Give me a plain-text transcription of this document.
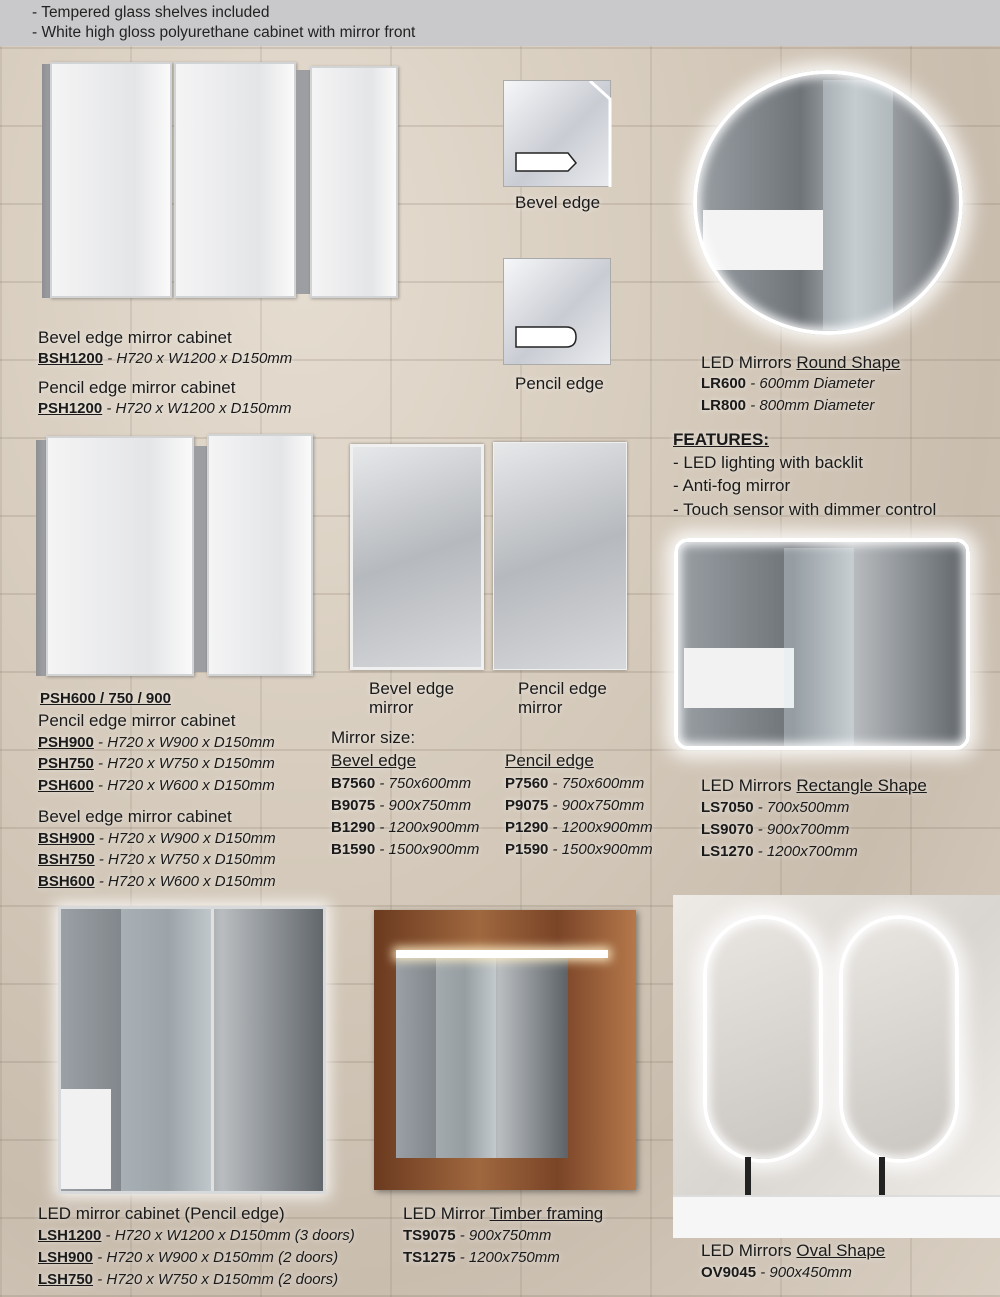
- Tempered glass shelves included
- White high gloss polyurethane cabinet with mirror front
Bevel edge mirror cabinet
BSH1200 - H720 x W1200 x D150mm
Pencil edge mirror cabinet
PSH1200 - H720 x W1200 x D150mm
Bevel edge
Pencil edge
LED Mirrors Round Shape
LR600 - 600mm Diameter
LR800 - 800mm Diameter
FEATURES:
- LED lighting with backlit
- Anti-fog mirror
- Touch sensor with dimmer control
PSH600 / 750 / 900
Pencil edge mirror cabinet
PSH900 - H720 x W900 x D150mm
PSH750 - H720 x W750 x D150mm
PSH600 - H720 x W600 x D150mm
Bevel edge mirror cabinet
BSH900 - H720 x W900 x D150mm
BSH750 - H720 x W750 x D150mm
BSH600 - H720 x W600 x D150mm
Bevel edge
mirror
Pencil edge
mirror
Mirror size:
Bevel edge	Pencil edge
B7560 - 750x600mm
B9075 - 900x750mm
B1290 - 1200x900mm
B1590 - 1500x900mm
P7560 - 750x600mm
P9075 - 900x750mm
P1290 - 1200x900mm
P1590 - 1500x900mm
LED Mirrors Rectangle Shape
LS7050 - 700x500mm
LS9070 - 900x700mm
LS1270 - 1200x700mm
LED mirror cabinet (Pencil edge)
LSH1200 - H720 x W1200 x D150mm (3 doors)
LSH900 - H720 x W900 x D150mm (2 doors)
LSH750 - H720 x W750 x D150mm (2 doors)
LED Mirror Timber framing
TS9075 - 900x750mm
TS1275 - 1200x750mm	LED Mirrors Oval Shape
OV9045 - 900x450mm
